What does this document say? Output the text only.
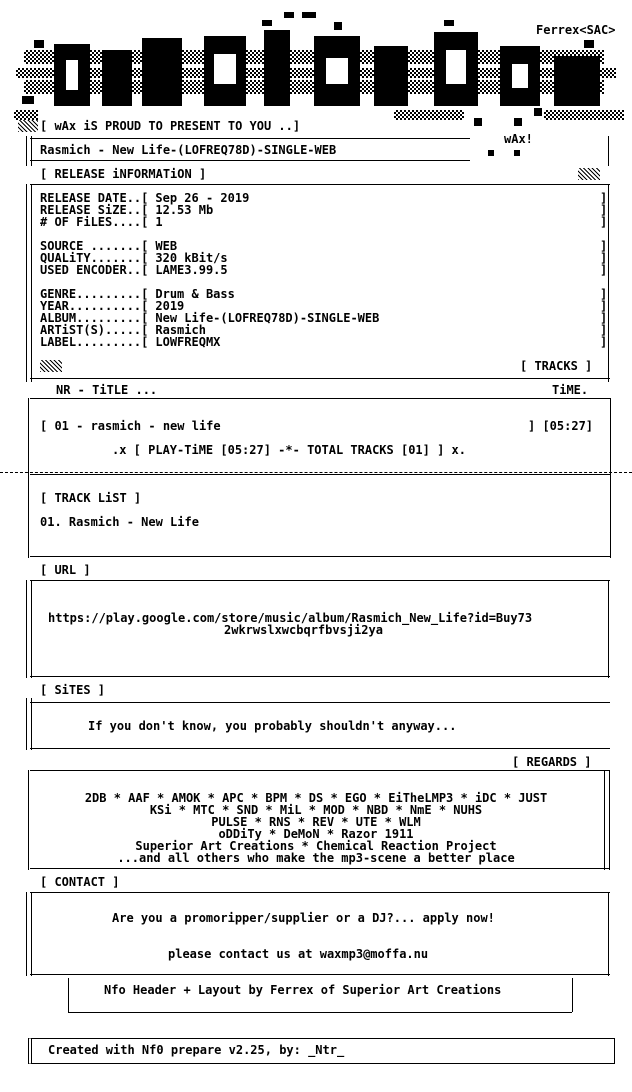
Ferrex<SAC>
wAx!
[ wAx iS PROUD TO PRESENT TO YOU ..]
Rasmich - New Life-(LOFREQ78D)-SINGLE-WEB
[ RELEASE iNFORMATiON ]
RELEASE DATE..[ Sep 26 - 2019	]
RELEASE SiZE..[ 12.53 Mb	]
# OF FiLES....[ 1	]
SOURCE .......[ WEB	]
QUALiTY.......[ 320 kBit/s	]
USED ENCODER..[ LAME3.99.5	]
GENRE.........[ Drum & Bass	]
YEAR..........[ 2019	]
ALBUM.........[ New Life-(LOFREQ78D)-SINGLE-WEB	]
ARTiST(S).....[ Rasmich	]
LABEL.........[ LOWFREQMX	]
[ TRACKS ]
NR - TiTLE ...	TiME.
[ 01 - rasmich - new life	] [05:27]
.x [ PLAY-TiME [05:27] -*- TOTAL TRACKS [01] ] x.
[ TRACK LiST ]
01. Rasmich - New Life
[ URL ]
https://play.google.com/store/music/album/Rasmich_New_Life?id=Buy73
2wkrwslxwcbqrfbvsji2ya
[ SiTES ]
If you don't know, you probably shouldn't anyway...
[ REGARDS ]
2DB * AAF * AMOK * APC * BPM * DS * EGO * EiTheLMP3 * iDC * JUST
KSi * MTC * SND * MiL * MOD * NBD * NmE * NUHS
PULSE * RNS * REV * UTE * WLM
oDDiTy * DeMoN * Razor 1911
Superior Art Creations * Chemical Reaction Project
...and all others who make the mp3-scene a better place
[ CONTACT ]
Are you a promoripper/supplier or a DJ?... apply now!
please contact us at waxmp3@moffa.nu
Nfo Header + Layout by Ferrex of Superior Art Creations
Created with Nf0 prepare v2.25, by: _Ntr_
